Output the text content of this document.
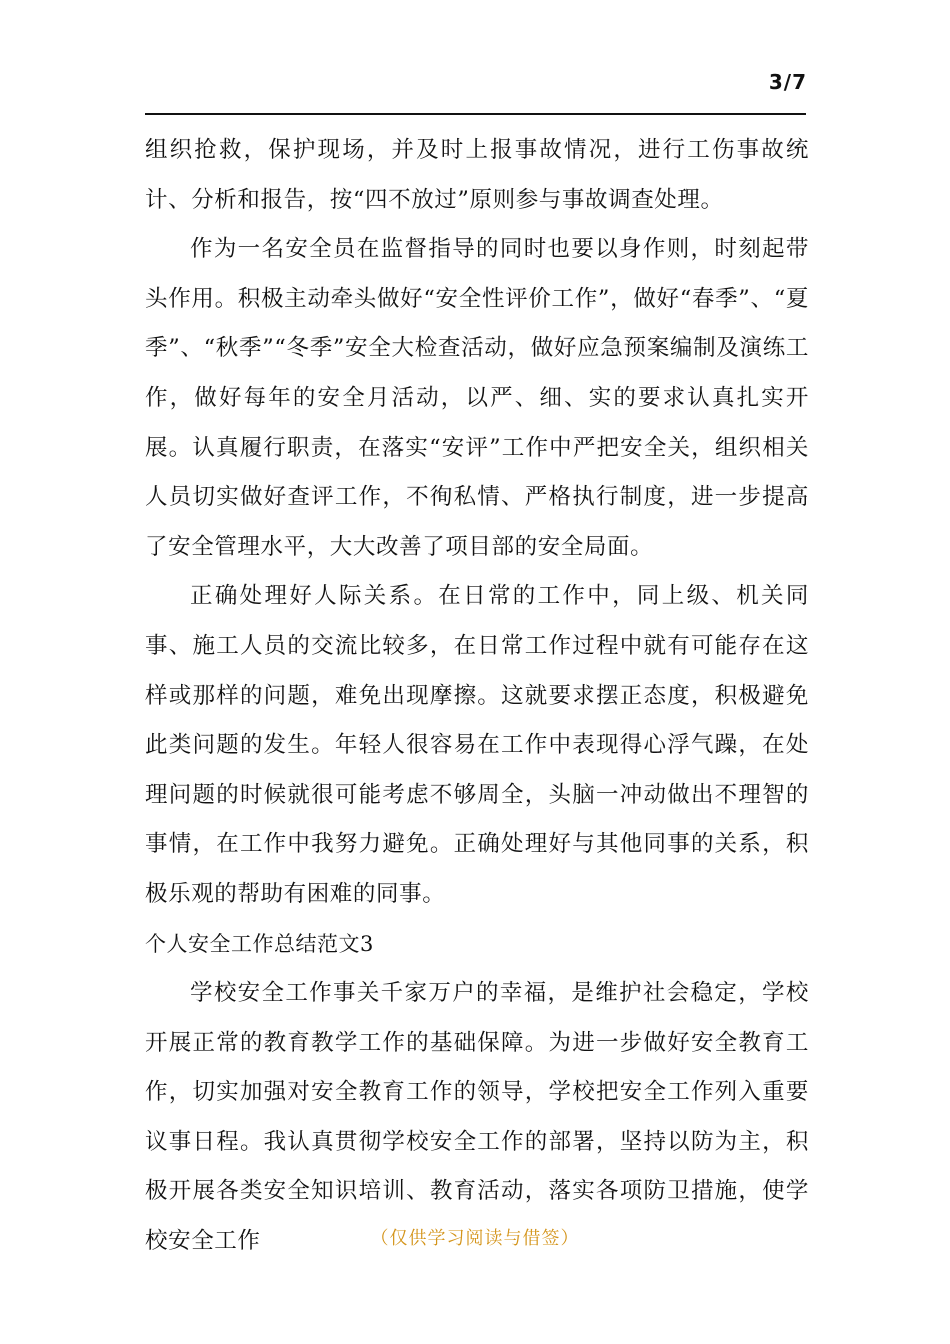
3/7

组织抢救，保护现场，并及时上报事故情况，进行工伤事故统计、分析和报告，按“四不放过”原则参与事故调查处理。

作为一名安全员在监督指导的同时也要以身作则，时刻起带头作用。积极主动牵头做好“安全性评价工作”，做好“春季”、“夏季”、“秋季”“冬季”安全大检查活动，做好应急预案编制及演练工作，做好每年的安全月活动，以严、细、实的要求认真扎实开展。认真履行职责，在落实“安评”工作中严把安全关，组织相关人员切实做好查评工作，不徇私情、严格执行制度，进一步提高了安全管理水平，大大改善了项目部的安全局面。

正确处理好人际关系。在日常的工作中，同上级、机关同事、施工人员的交流比较多，在日常工作过程中就有可能存在这样或那样的问题，难免出现摩擦。这就要求摆正态度，积极避免此类问题的发生。年轻人很容易在工作中表现得心浮气躁，在处理问题的时候就很可能考虑不够周全，头脑一冲动做出不理智的事情，在工作中我努力避免。正确处理好与其他同事的关系，积极乐观的帮助有困难的同事。

个人安全工作总结范文3

学校安全工作事关千家万户的幸福，是维护社会稳定，学校开展正常的教育教学工作的基础保障。为进一步做好安全教育工作，切实加强对安全教育工作的领导，学校把安全工作列入重要议事日程。我认真贯彻学校安全工作的部署，坚持以防为主，积极开展各类安全知识培训、教育活动，落实各项防卫措施，使学校安全工作	（仅供学习阅读与借签）
